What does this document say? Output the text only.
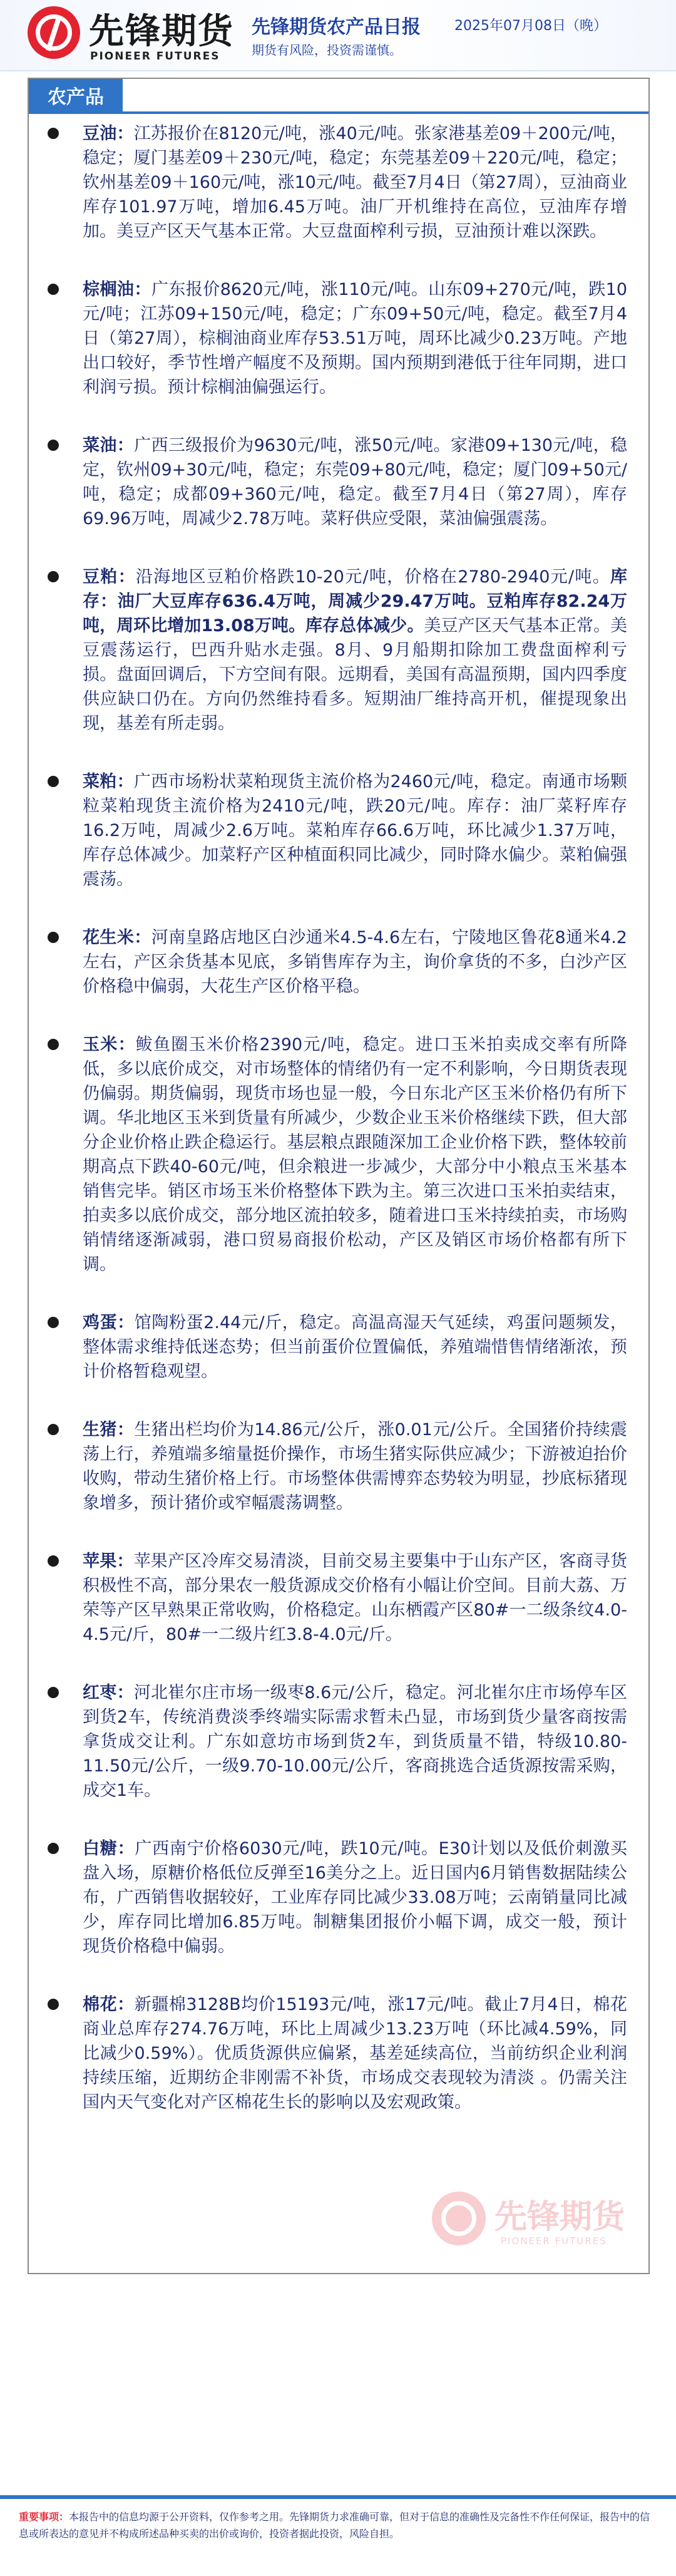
先锋期货
PIONEER FUTURES
先锋期货农产品日报 2025年07月08日（晚）
期货有风险，投资需谨慎。
农产品

豆油：江苏报价在8120元/吨，涨40元/吨。张家港基差09＋200元/吨，稳定；厦门基差09＋230元/吨，稳定；东莞基差09＋220元/吨，稳定；钦州基差09＋160元/吨，涨10元/吨。截至7月4日（第27周），豆油商业库存101.97万吨，增加6.45万吨。油厂开机维持在高位，豆油库存增加。美豆产区天气基本正常。大豆盘面榨利亏损，豆油预计难以深跌。

棕榈油：广东报价8620元/吨，涨110元/吨。山东09+270元/吨，跌10元/吨；江苏09+150元/吨，稳定；广东09+50元/吨，稳定。截至7月4日（第27周），棕榈油商业库存53.51万吨，周环比减少0.23万吨。产地出口较好，季节性增产幅度不及预期。国内预期到港低于往年同期，进口利润亏损。预计棕榈油偏强运行。

菜油：广西三级报价为9630元/吨，涨50元/吨。家港09+130元/吨，稳定，钦州09+30元/吨，稳定；东莞09+80元/吨，稳定；厦门09+50元/吨，稳定；成都09+360元/吨，稳定。截至7月4日（第27周），库存69.96万吨，周减少2.78万吨。菜籽供应受限，菜油偏强震荡。

豆粕：沿海地区豆粕价格跌10-20元/吨，价格在2780-2940元/吨。库存：油厂大豆库存636.4万吨，周减少29.47万吨。豆粕库存82.24万吨，周环比增加13.08万吨。库存总体减少。美豆产区天气基本正常。美豆震荡运行，巴西升贴水走强。8月、9月船期扣除加工费盘面榨利亏损。盘面回调后，下方空间有限。远期看，美国有高温预期，国内四季度供应缺口仍在。方向仍然维持看多。短期油厂维持高开机，催提现象出现，基差有所走弱。

菜粕：广西市场粉状菜粕现货主流价格为2460元/吨，稳定。南通市场颗粒菜粕现货主流价格为2410元/吨，跌20元/吨。库存：油厂菜籽库存16.2万吨，周减少2.6万吨。菜粕库存66.6万吨，环比减少1.37万吨，库存总体减少。加菜籽产区种植面积同比减少，同时降水偏少。菜粕偏强震荡。

花生米：河南皇路店地区白沙通米4.5-4.6左右，宁陵地区鲁花8通米4.2左右，产区余货基本见底，多销售库存为主，询价拿货的不多，白沙产区价格稳中偏弱，大花生产区价格平稳。

玉米：鲅鱼圈玉米价格2390元/吨，稳定。进口玉米拍卖成交率有所降低，多以底价成交，对市场整体的情绪仍有一定不利影响，今日期货表现仍偏弱。期货偏弱，现货市场也显一般，今日东北产区玉米价格仍有所下调。华北地区玉米到货量有所减少，少数企业玉米价格继续下跌，但大部分企业价格止跌企稳运行。基层粮点跟随深加工企业价格下跌，整体较前期高点下跌40-60元/吨，但余粮进一步减少，大部分中小粮点玉米基本销售完毕。销区市场玉米价格整体下跌为主。第三次进口玉米拍卖结束，拍卖多以底价成交，部分地区流拍较多，随着进口玉米持续拍卖，市场购销情绪逐渐减弱，港口贸易商报价松动，产区及销区市场价格都有所下调。

鸡蛋：馆陶粉蛋2.44元/斤，稳定。高温高湿天气延续，鸡蛋问题频发，整体需求维持低迷态势；但当前蛋价位置偏低，养殖端惜售情绪渐浓，预计价格暂稳观望。

生猪：生猪出栏均价为14.86元/公斤，涨0.01元/公斤。全国猪价持续震荡上行，养殖端多缩量挺价操作，市场生猪实际供应减少；下游被迫抬价收购，带动生猪价格上行。市场整体供需博弈态势较为明显，抄底标猪现象增多，预计猪价或窄幅震荡调整。

苹果：苹果产区冷库交易清淡，目前交易主要集中于山东产区，客商寻货积极性不高，部分果农一般货源成交价格有小幅让价空间。目前大荔、万荣等产区早熟果正常收购，价格稳定。山东栖霞产区80#一二级条纹4.0-4.5元/斤，80#一二级片红3.8-4.0元/斤。

红枣：河北崔尔庄市场一级枣8.6元/公斤，稳定。河北崔尔庄市场停车区到货2车，传统消费淡季终端实际需求暂未凸显，市场到货少量客商按需拿货成交让利。广东如意坊市场到货2车，到货质量不错，特级10.80-11.50元/公斤，一级9.70-10.00元/公斤，客商挑选合适货源按需采购，成交1车。

白糖：广西南宁价格6030元/吨，跌10元/吨。E30计划以及低价刺激买盘入场，原糖价格低位反弹至16美分之上。近日国内6月销售数据陆续公布，广西销售收据较好，工业库存同比减少33.08万吨；云南销量同比减少，库存同比增加6.85万吨。制糖集团报价小幅下调，成交一般，预计现货价格稳中偏弱。

棉花：新疆棉3128B均价15193元/吨，涨17元/吨。截止7月4日，棉花商业总库存274.76万吨，环比上周减少13.23万吨（环比减4.59%，同比减少0.59%）。优质货源供应偏紧，基差延续高位，当前纺织企业利润持续压缩，近期纺企非刚需不补货，市场成交表现较为清淡 。仍需关注国内天气变化对产区棉花生长的影响以及宏观政策。

先锋期货
PIONEER FUTURES
重要事项：本报告中的信息均源于公开资料，仅作参考之用。先锋期货力求准确可靠，但对于信息的准确性及完备性不作任何保证，报告中的信息或所表达的意见并不构成所述品种买卖的出价或询价，投资者据此投资，风险自担。
